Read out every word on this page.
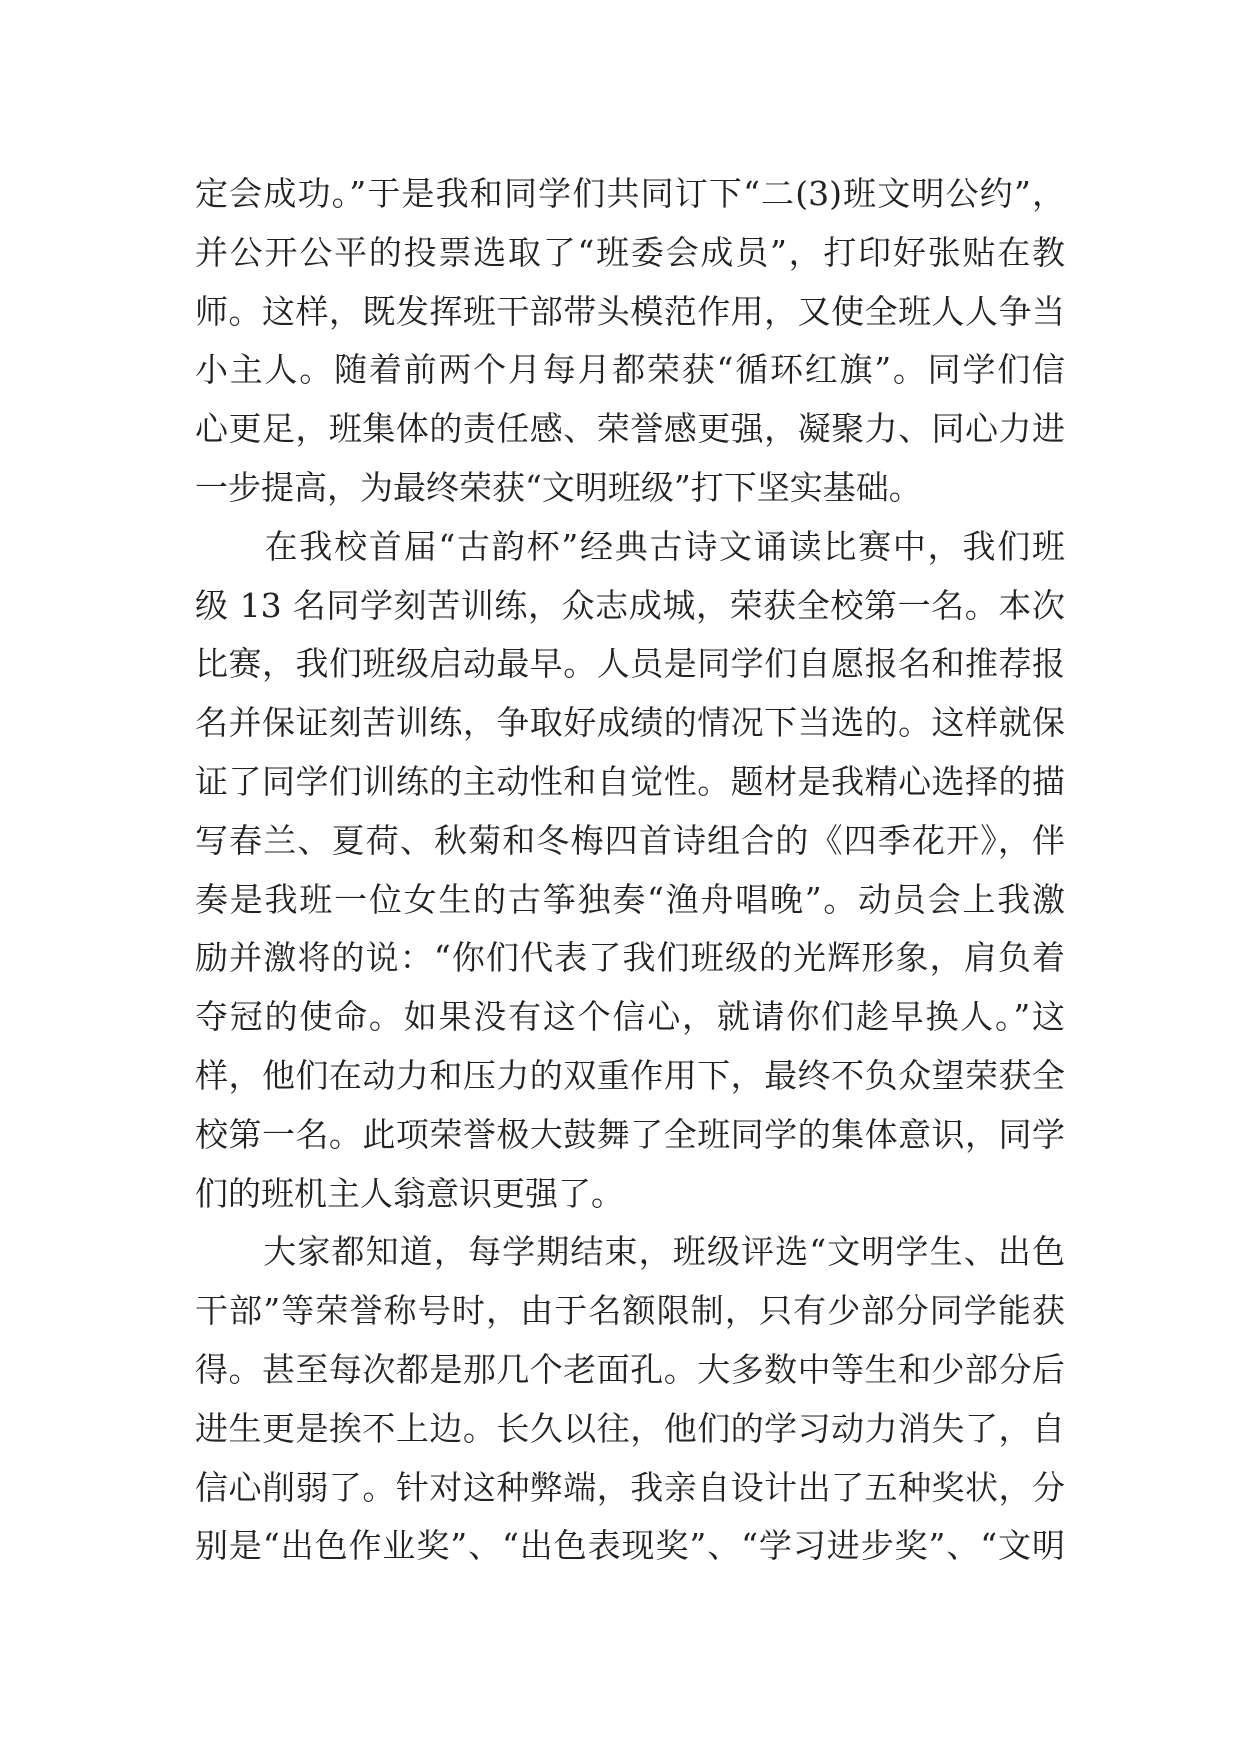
定会成功。”于是我和同学们共同订下“二(3)班文明公约”，
并公开公平的投票选取了“班委会成员”，打印好张贴在教
师。这样，既发挥班干部带头模范作用，又使全班人人争当
小主人。随着前两个月每月都荣获“循环红旗”。同学们信
心更足，班集体的责任感、荣誉感更强，凝聚力、同心力进
一步提高，为最终荣获“文明班级”打下坚实基础。
　　在我校首届“古韵杯”经典古诗文诵读比赛中，我们班
级 13 名同学刻苦训练，众志成城，荣获全校第一名。本次
比赛，我们班级启动最早。人员是同学们自愿报名和推荐报
名并保证刻苦训练，争取好成绩的情况下当选的。这样就保
证了同学们训练的主动性和自觉性。题材是我精心选择的描
写春兰、夏荷、秋菊和冬梅四首诗组合的《四季花开》，伴
奏是我班一位女生的古筝独奏“渔舟唱晚”。动员会上我激
励并激将的说：“你们代表了我们班级的光辉形象，肩负着
夺冠的使命。如果没有这个信心，就请你们趁早换人。”这
样，他们在动力和压力的双重作用下，最终不负众望荣获全
校第一名。此项荣誉极大鼓舞了全班同学的集体意识，同学
们的班机主人翁意识更强了。
　　大家都知道，每学期结束，班级评选“文明学生、出色
干部”等荣誉称号时，由于名额限制，只有少部分同学能获
得。甚至每次都是那几个老面孔。大多数中等生和少部分后
进生更是挨不上边。长久以往，他们的学习动力消失了，自
信心削弱了。针对这种弊端，我亲自设计出了五种奖状，分
别是“出色作业奖”、“出色表现奖”、“学习进步奖”、“文明
